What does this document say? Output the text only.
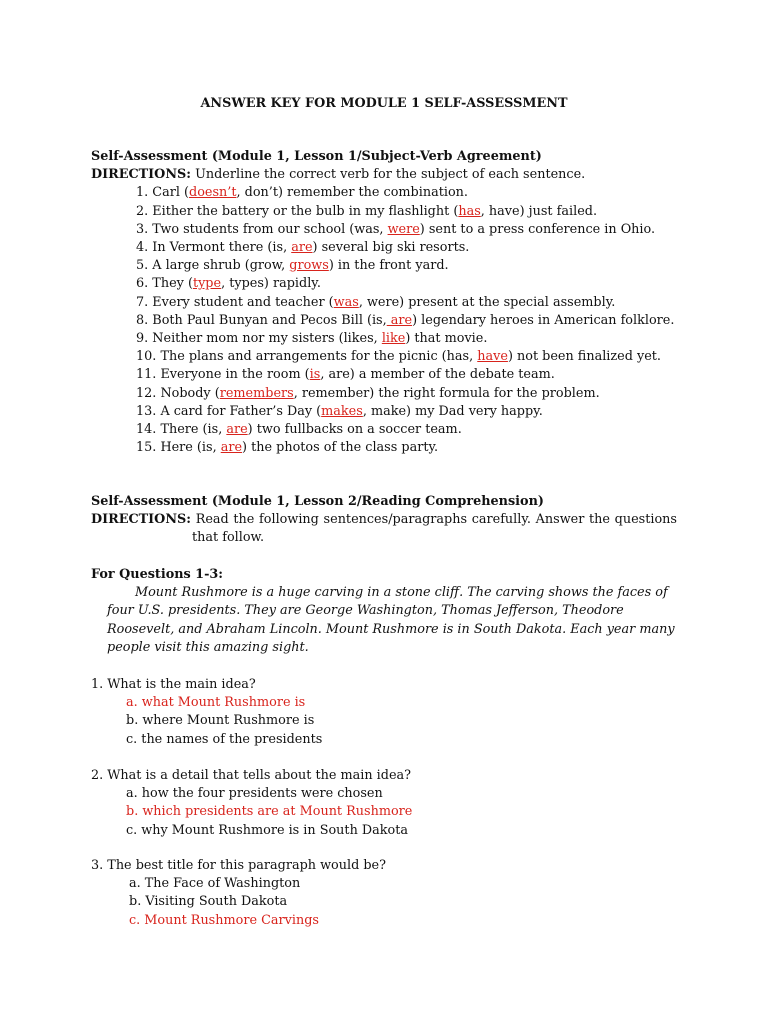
ANSWER KEY FOR MODULE 1 SELF-ASSESSMENT
Self-Assessment (Module 1, Lesson 1/Subject-Verb Agreement)
DIRECTIONS: Underline the correct verb for the subject of each sentence.
1. Carl (doesn’t, don’t) remember the combination.
2. Either the battery or the bulb in my flashlight (has, have) just failed.
3. Two students from our school (was, were) sent to a press conference in Ohio.
4. In Vermont there (is, are) several big ski resorts.
5. A large shrub (grow, grows) in the front yard.
6. They (type, types) rapidly.
7. Every student and teacher (was, were) present at the special assembly.
8. Both Paul Bunyan and Pecos Bill (is, are) legendary heroes in American folklore.
9. Neither mom nor my sisters (likes, like) that movie.
10. The plans and arrangements for the picnic (has, have) not been finalized yet.
11. Everyone in the room (is, are) a member of the debate team.
12. Nobody (remembers, remember) the right formula for the problem.
13. A card for Father’s Day (makes, make) my Dad very happy.
14. There (is, are) two fullbacks on a soccer team.
15. Here (is, are) the photos of the class party.
Self-Assessment (Module 1, Lesson 2/Reading Comprehension)
DIRECTIONS: Read the following sentences/paragraphs carefully. Answer the questions
that follow.
For Questions 1-3:
Mount Rushmore is a huge carving in a stone cliff. The carving shows the faces of four U.S. presidents. They are George Washington, Thomas Jefferson, Theodore Roosevelt, and Abraham Lincoln. Mount Rushmore is in South Dakota. Each year many people visit this amazing sight.
1. What is the main idea?
a. what Mount Rushmore is
b. where Mount Rushmore is
c. the names of the presidents
2. What is a detail that tells about the main idea?
a. how the four presidents were chosen
b. which presidents are at Mount Rushmore
c. why Mount Rushmore is in South Dakota
3. The best title for this paragraph would be?
a. The Face of Washington
b. Visiting South Dakota
c. Mount Rushmore Carvings
